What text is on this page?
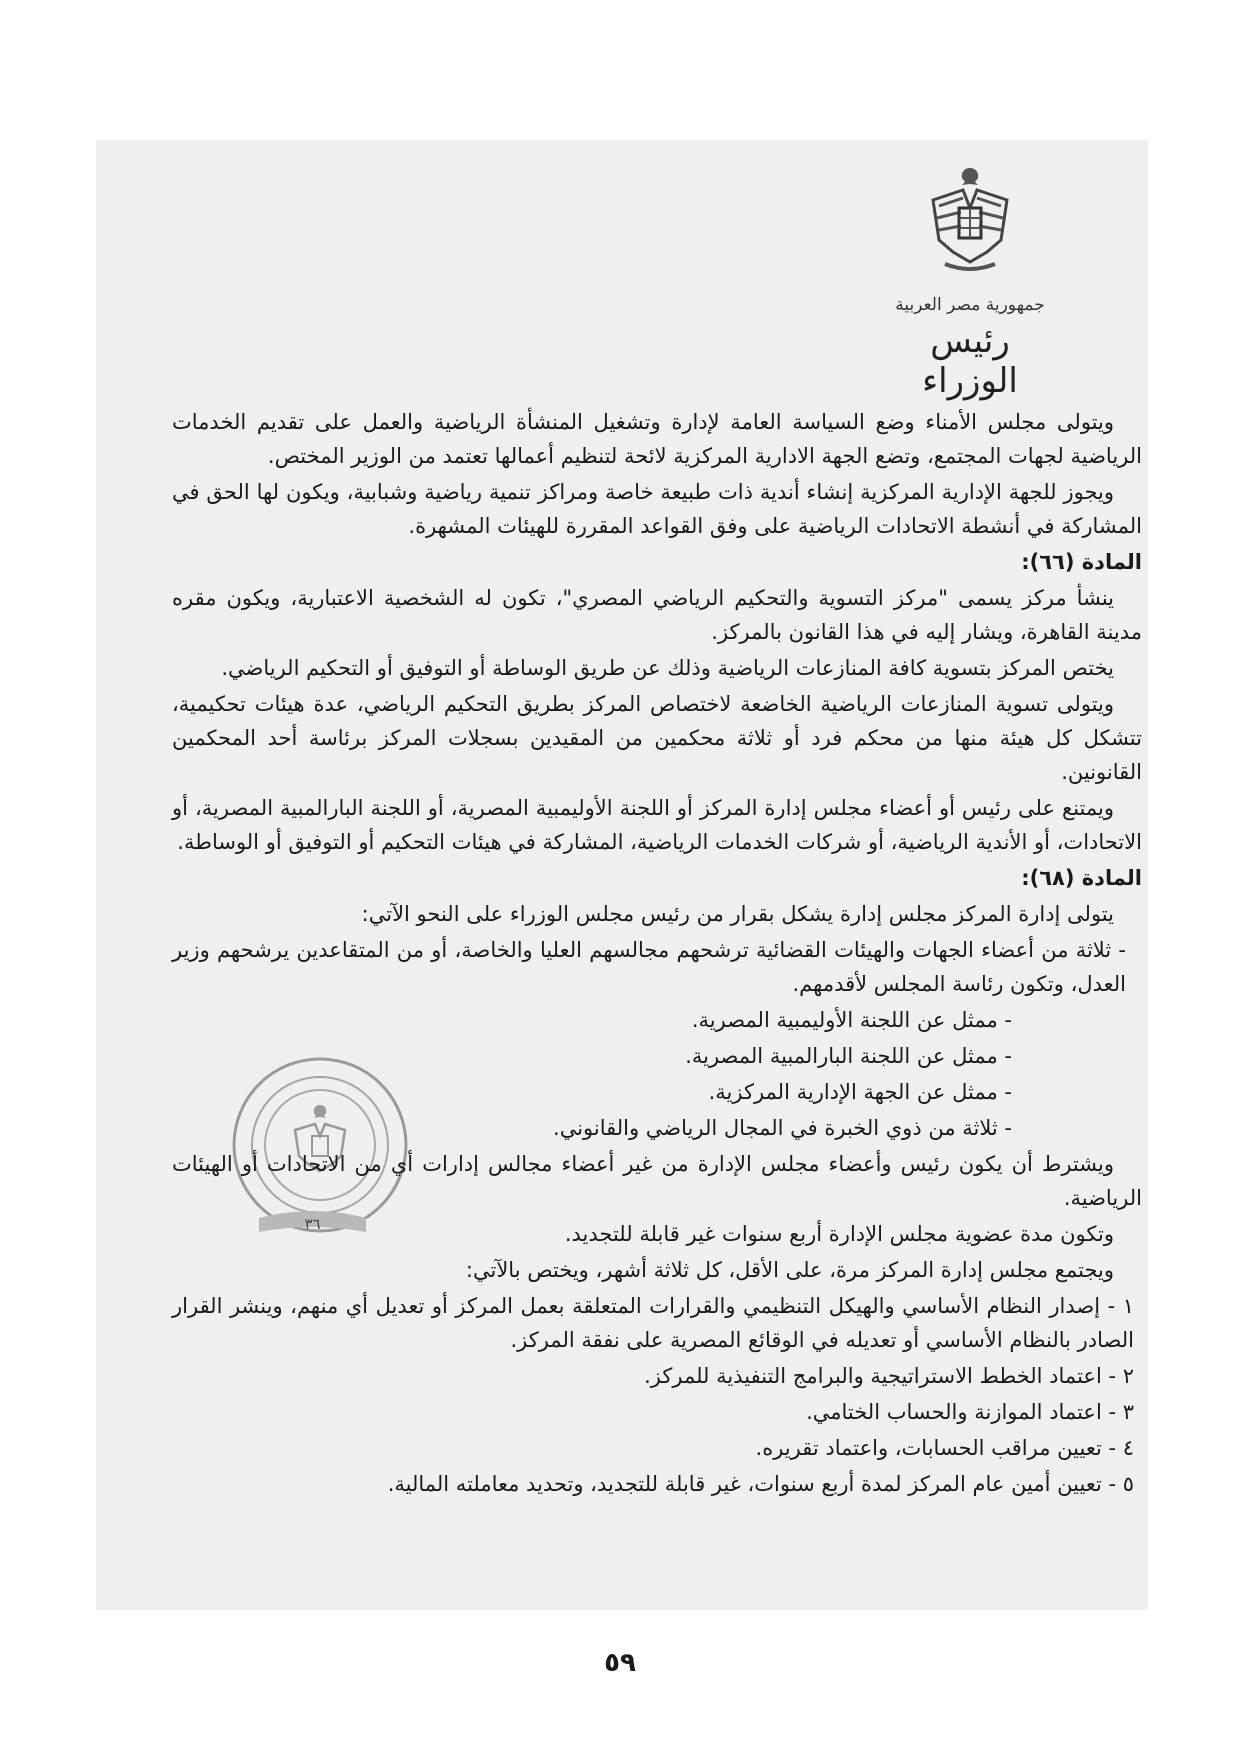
جمهورية مصر العربية
رئيس الوزراء
٣٦

ويتولى مجلس الأمناء وضع السياسة العامة لإدارة وتشغيل المنشأة الرياضية والعمل على تقديم الخدمات الرياضية لجهات المجتمع، وتضع الجهة الادارية المركزية لائحة لتنظيم أعمالها تعتمد من الوزير المختص.

ويجوز للجهة الإدارية المركزية إنشاء أندية ذات طبيعة خاصة ومراكز تنمية رياضية وشبابية، ويكون لها الحق في المشاركة في أنشطة الاتحادات الرياضية على وفق القواعد المقررة للهيئات المشهرة.

المادة (٦٦):

ينشأ مركز يسمى "مركز التسوية والتحكيم الرياضي المصري"، تكون له الشخصية الاعتبارية، ويكون مقره مدينة القاهرة، ويشار إليه في هذا القانون بالمركز.

يختص المركز بتسوية كافة المنازعات الرياضية وذلك عن طريق الوساطة أو التوفيق أو التحكيم الرياضي.

ويتولى تسوية المنازعات الرياضية الخاضعة لاختصاص المركز بطريق التحكيم الرياضي، عدة هيئات تحكيمية، تتشكل كل هيئة منها من محكم فرد أو ثلاثة محكمين من المقيدين بسجلات المركز برئاسة أحد المحكمين القانونين.

ويمتنع على رئيس أو أعضاء مجلس إدارة المركز أو اللجنة الأوليمبية المصرية، أو اللجنة البارالمبية المصرية، أو الاتحادات، أو الأندية الرياضية، أو شركات الخدمات الرياضية، المشاركة في هيئات التحكيم أو التوفيق أو الوساطة.

المادة (٦٨):

يتولى إدارة المركز مجلس إدارة يشكل بقرار من رئيس مجلس الوزراء على النحو الآتي:

- ثلاثة من أعضاء الجهات والهيئات القضائية ترشحهم مجالسهم العليا والخاصة، أو من المتقاعدين يرشحهم وزير العدل، وتكون رئاسة المجلس لأقدمهم.

- ممثل عن اللجنة الأوليمبية المصرية.

- ممثل عن اللجنة البارالمبية المصرية.

- ممثل عن الجهة الإدارية المركزية.

- ثلاثة من ذوي الخبرة في المجال الرياضي والقانوني.

ويشترط أن يكون رئيس وأعضاء مجلس الإدارة من غير أعضاء مجالس إدارات أي من الاتحادات أو الهيئات الرياضية.

وتكون مدة عضوية مجلس الإدارة أربع سنوات غير قابلة للتجديد.

ويجتمع مجلس إدارة المركز مرة، على الأقل، كل ثلاثة أشهر، ويختص بالآتي:

١ - إصدار النظام الأساسي والهيكل التنظيمي والقرارات المتعلقة بعمل المركز أو تعديل أي منهم، وينشر القرار الصادر بالنظام الأساسي أو تعديله في الوقائع المصرية على نفقة المركز.

٢ - اعتماد الخطط الاستراتيجية والبرامج التنفيذية للمركز.

٣ - اعتماد الموازنة والحساب الختامي.

٤ - تعيين مراقب الحسابات، واعتماد تقريره.

٥ - تعيين أمين عام المركز لمدة أربع سنوات، غير قابلة للتجديد، وتحديد معاملته المالية.

٥٩
